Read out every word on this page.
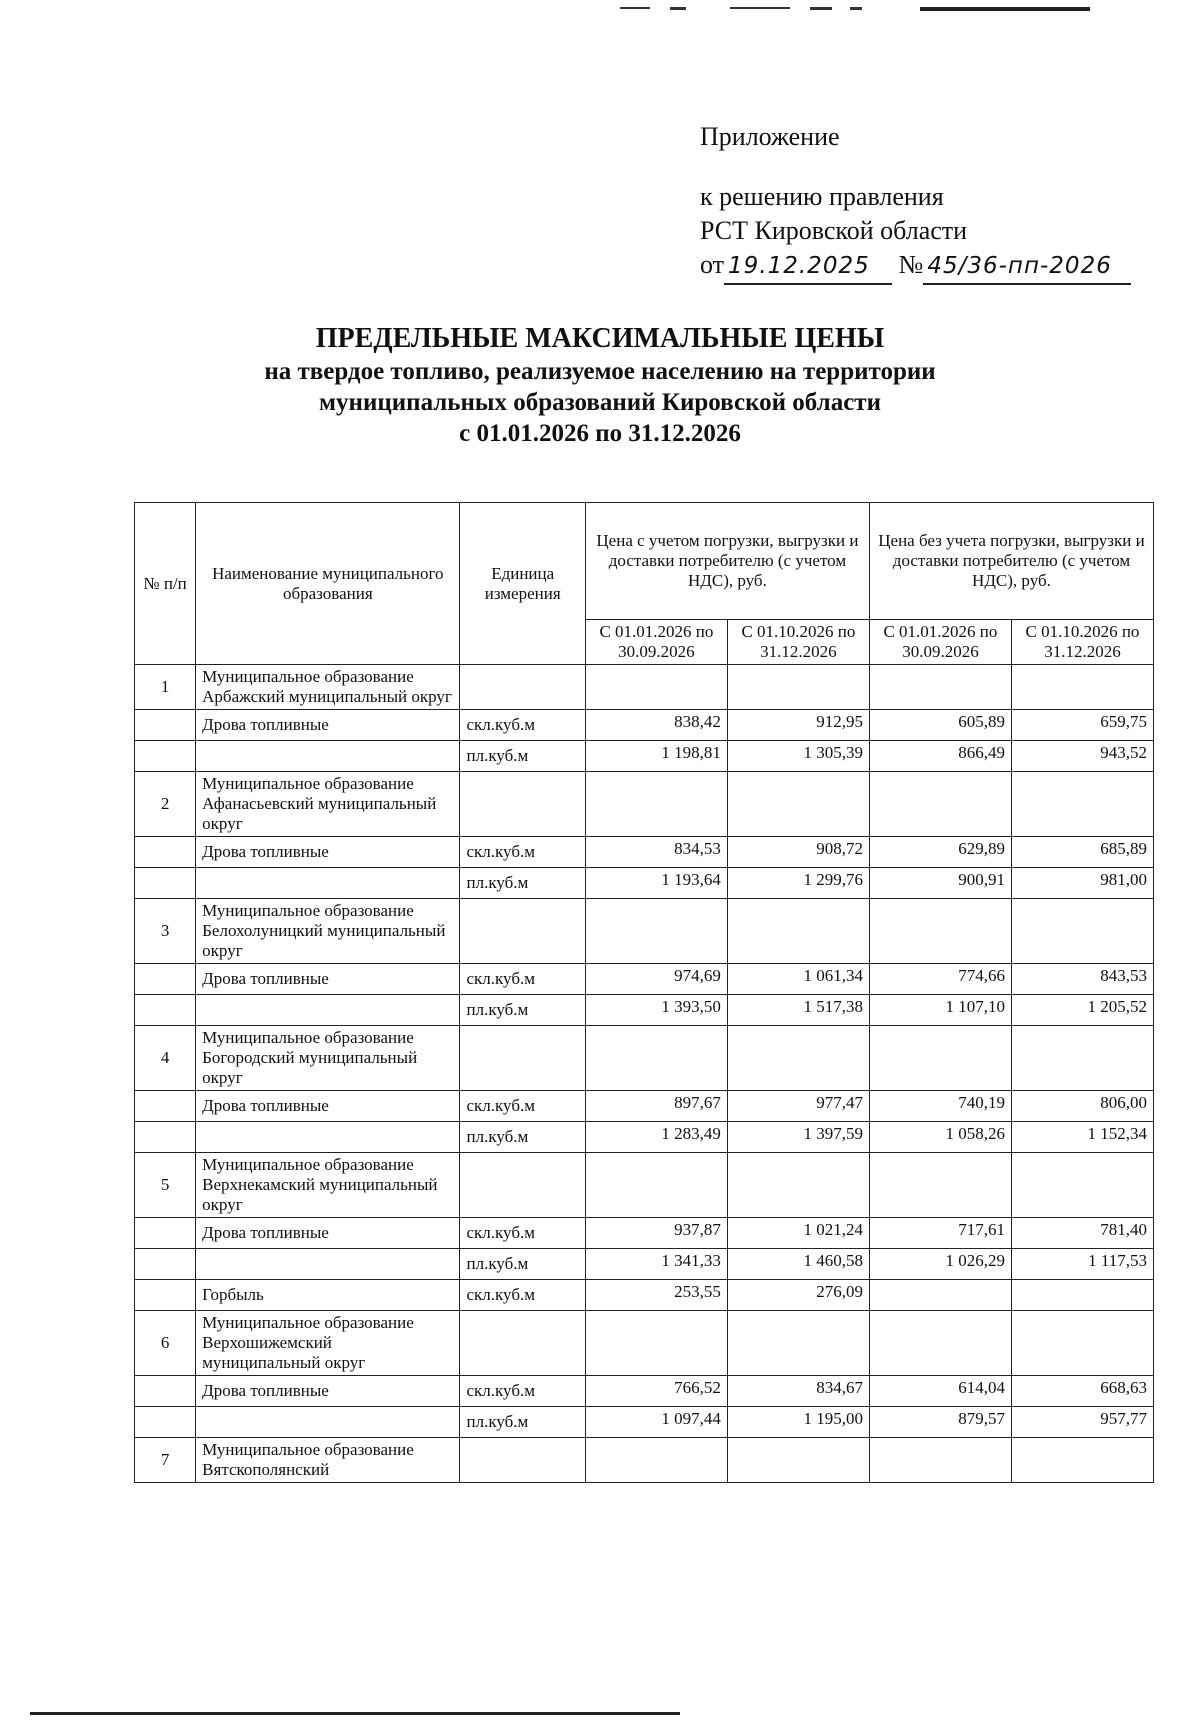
Приложение
к решению правления
РСТ Кировской области
от 19.12.2025 № 45/36-пп-2026
ПРЕДЕЛЬНЫЕ МАКСИМАЛЬНЫЕ ЦЕНЫ
на твердое топливо, реализуемое населению на территории
муниципальных образований Кировской области
с 01.01.2026 по 31.12.2026
№ п/п	Наименование муниципального образования	Единица измерения	Цена с учетом погрузки, выгрузки и доставки потребителю (с учетом НДС), руб.		Цена без учета погрузки, выгрузки и доставки потребителю (с учетом НДС), руб.	
			С 01.01.2026 по 30.09.2026	С 01.10.2026 по 31.12.2026	С 01.01.2026 по 30.09.2026	С 01.10.2026 по 31.12.2026
1	Муниципальное образование Арбажский муниципальный округ					
	Дрова топливные	скл.куб.м	838,42	912,95	605,89	659,75
		пл.куб.м	1 198,81	1 305,39	866,49	943,52
2	Муниципальное образование Афанасьевский муниципальный округ					
	Дрова топливные	скл.куб.м	834,53	908,72	629,89	685,89
		пл.куб.м	1 193,64	1 299,76	900,91	981,00
3	Муниципальное образование Белохолуницкий муниципальный округ					
	Дрова топливные	скл.куб.м	974,69	1 061,34	774,66	843,53
		пл.куб.м	1 393,50	1 517,38	1 107,10	1 205,52
4	Муниципальное образование Богородский муниципальный округ					
	Дрова топливные	скл.куб.м	897,67	977,47	740,19	806,00
		пл.куб.м	1 283,49	1 397,59	1 058,26	1 152,34
5	Муниципальное образование Верхнекамский муниципальный округ					
	Дрова топливные	скл.куб.м	937,87	1 021,24	717,61	781,40
		пл.куб.м	1 341,33	1 460,58	1 026,29	1 117,53
	Горбыль	скл.куб.м	253,55	276,09		
6	Муниципальное образование Верхошижемский муниципальный округ					
	Дрова топливные	скл.куб.м	766,52	834,67	614,04	668,63
		пл.куб.м	1 097,44	1 195,00	879,57	957,77
7	Муниципальное образование Вятскополянский					
